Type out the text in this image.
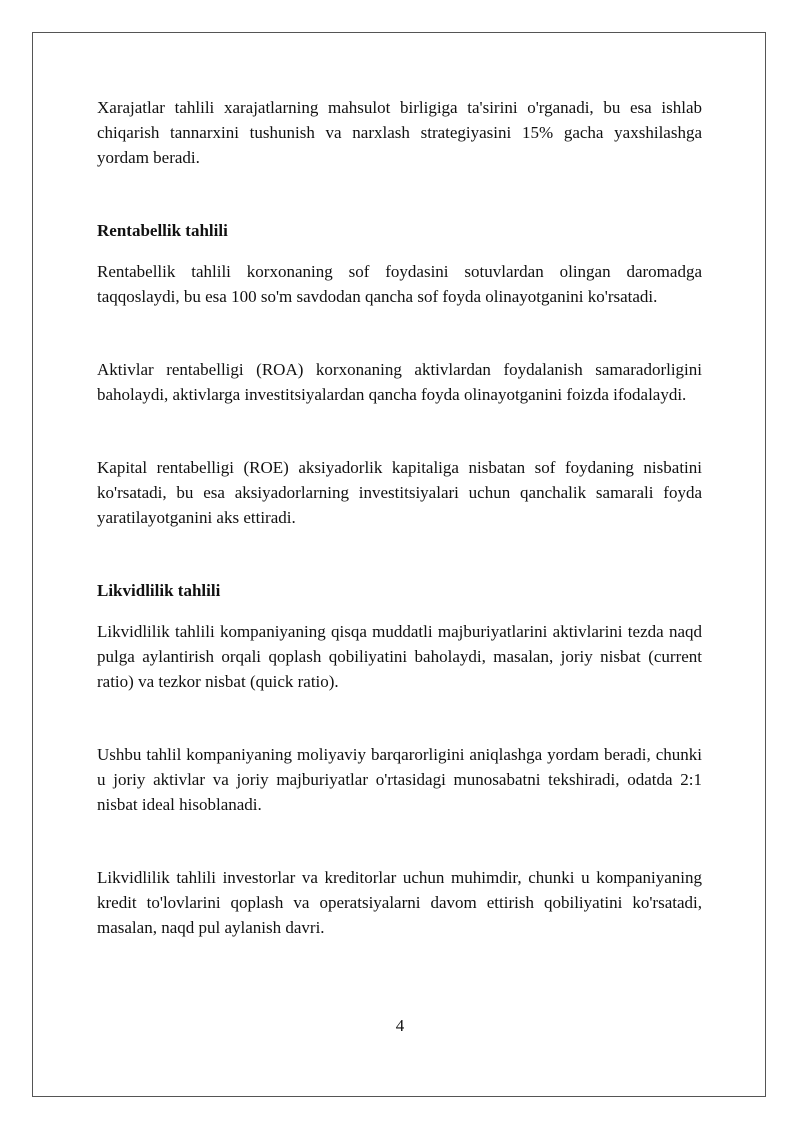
Xarajatlar tahlili xarajatlarning mahsulot birligiga ta'sirini o'rganadi, bu esa ishlab chiqarish tannarxini tushunish va narxlash strategiyasini 15% gacha yaxshilashga yordam beradi.

Rentabellik tahlili

Rentabellik tahlili korxonaning sof foydasini sotuvlardan olingan daromadga taqqoslaydi, bu esa 100 so'm savdodan qancha sof foyda olinayotganini ko'rsatadi.

Aktivlar rentabelligi (ROA) korxonaning aktivlardan foydalanish samaradorligini baholaydi, aktivlarga investitsiyalardan qancha foyda olinayotganini foizda ifodalaydi.

Kapital rentabelligi (ROE) aksiyadorlik kapitaliga nisbatan sof foydaning nisbatini ko'rsatadi, bu esa aksiyadorlarning investitsiyalari uchun qanchalik samarali foyda yaratilayotganini aks ettiradi.

Likvidlilik tahlili

Likvidlilik tahlili kompaniyaning qisqa muddatli majburiyatlarini aktivlarini tezda naqd pulga aylantirish orqali qoplash qobiliyatini baholaydi, masalan, joriy nisbat (current ratio) va tezkor nisbat (quick ratio).

Ushbu tahlil kompaniyaning moliyaviy barqarorligini aniqlashga yordam beradi, chunki u joriy aktivlar va joriy majburiyatlar o'rtasidagi munosabatni tekshiradi, odatda 2:1 nisbat ideal hisoblanadi.

Likvidlilik tahlili investorlar va kreditorlar uchun muhimdir, chunki u kompaniyaning kredit to'lovlarini qoplash va operatsiyalarni davom ettirish qobiliyatini ko'rsatadi, masalan, naqd pul aylanish davri.

4
